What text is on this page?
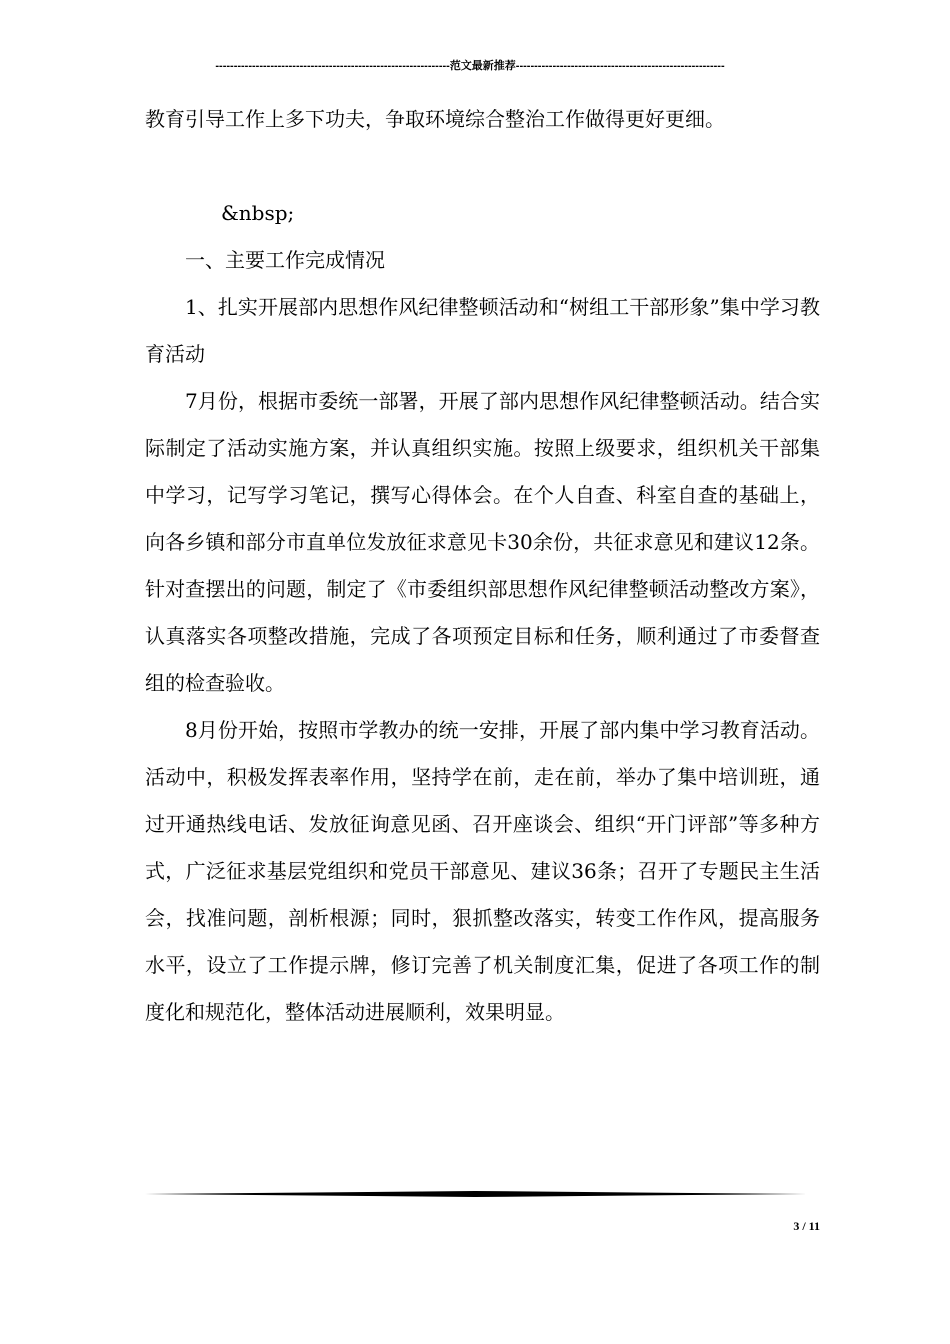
----------------------------------------------------------------范文最新推荐---------------------------------------------------------

教育引导工作上多下功夫，争取环境综合整治工作做得更好更细。

&nbsp;

一、主要工作完成情况

1、扎实开展部内思想作风纪律整顿活动和“树组工干部形象”集中学习教育活动

7月份，根据市委统一部署，开展了部内思想作风纪律整顿活动。结合实际制定了活动实施方案，并认真组织实施。按照上级要求，组织机关干部集中学习，记写学习笔记，撰写心得体会。在个人自查、科室自查的基础上，向各乡镇和部分市直单位发放征求意见卡30余份，共征求意见和建议12条。针对查摆出的问题，制定了《市委组织部思想作风纪律整顿活动整改方案》，认真落实各项整改措施，完成了各项预定目标和任务，顺利通过了市委督查组的检查验收。

8月份开始，按照市学教办的统一安排，开展了部内集中学习教育活动。活动中，积极发挥表率作用，坚持学在前，走在前，举办了集中培训班，通过开通热线电话、发放征询意见函、召开座谈会、组织“开门评部”等多种方式，广泛征求基层党组织和党员干部意见、建议36条；召开了专题民主生活会，找准问题，剖析根源；同时，狠抓整改落实，转变工作作风，提高服务水平，设立了工作提示牌，修订完善了机关制度汇集，促进了各项工作的制度化和规范化，整体活动进展顺利，效果明显。

3 / 11
